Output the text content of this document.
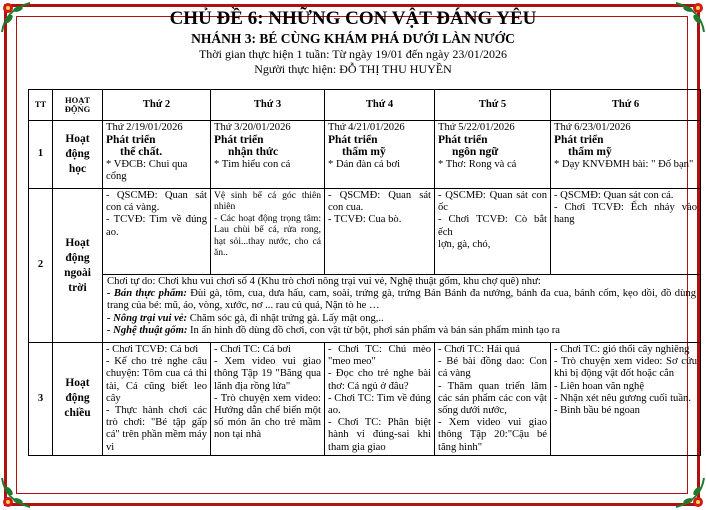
CHỦ ĐỀ 6: NHỮNG CON VẬT ĐÁNG YÊU
NHÁNH 3: BÉ CÙNG KHÁM PHÁ DƯỚI LÀN NƯỚC
Thời gian thực hiện 1 tuần: Từ ngày 19/01 đến ngày 23/01/2026
Người thực hiện: ĐỖ THỊ THU HUYỀN
TT	HOẠT ĐỘNG	Thứ 2	Thứ 3	Thứ 4	Thứ 5	Thứ 6
1	Hoạt động học	Thứ 2/19/01/2026
Phát triển
thể chất.
* VĐCB: Chui qua cổng	Thứ 3/20/01/2026
Phát triển
nhận thức
* Tìm hiểu con cá	Thứ 4/21/01/2026
Phát triển
thẩm mỹ
* Dán đàn cá bơi	Thứ 5/22/01/2026
Phát triển
ngôn ngữ
* Thơ: Rong và cá	Thứ 6/23/01/2026
Phát triển
thẩm mỹ
* Dạy KNVĐMH bài: " Đố bạn"

2	Hoạt động ngoài trời	- QSCMĐ: Quan sát con cá vàng.
- TCVĐ: Tìm về đúng ao.	Vệ sinh bể cá góc thiên nhiên
- Các hoạt động trọng tâm: Lau chùi bể cá, rửa rong, hạt sỏi...thay nước, cho cá ăn..	- QSCMĐ: Quan sát con cua.
- TCVĐ: Cua bò.	- QSCMĐ: Quan sát con ốc
- Chơi TCVĐ: Cò bắt ếch
lợn, gà, chó,	- QSCMĐ: Quan sát con cá.
- Chơi TCVĐ: Ếch nhảy vào hang

		Chơi tự do: Chơi khu vui chơi số 4 (Khu trò chơi nông trại vui vẻ, Nghệ thuật gốm, khu chợ quê) như:
- Bán thực phẩm: Đùi gà, tôm, cua, dưa hấu, cam, soài, trứng gà, trứng Bán Bánh đa nướng, bánh đa cua, bánh cốm, kẹo dồi, đồ dùng trang của bé: mũ, áo, vòng, xước, nơ ... rau củ quả, Nặn tò he …
- Nông trại vui vẻ: Chăm sóc gà, đi nhặt trứng gà. Lấy mật ong,..
- Nghệ thuật gốm: In ấn hình đồ dùng đồ chơi, con vật từ bột, phơi sản phẩm và bán sản phẩm mình tạo ra				

3	Hoạt động chiều	- Chơi TCVĐ: Cá bơi
- Kể cho trẻ nghe câu chuyện: Tôm cua cá thi tài, Cá cũng biết leo cây
- Thực hành chơi các trò chơi: "Bé tập gấp cá" trên phần mềm máy vi	- Chơi TC: Cá bơi
- Xem video vui giao thông Tập 19 "Băng qua lãnh địa rồng lửa"
- Trò chuyện xem video: Hướng dẫn chế biến một số món ăn cho trẻ mầm non tại nhà	- Chơi TC: Chú mèo "meo meo"
- Đọc cho trẻ nghe bài thơ: Cá ngủ ở đâu?
- Chơi TC: Tìm về đúng ao.
- Chơi TC: Phân biệt hành vi đúng-sai khi tham gia giao	- Chơi TC: Hái quả
- Bé bài đồng dao: Con cá vàng
- Thăm quan triển lãm các sản phẩm các con vật sống dưới nước,
- Xem video vui giao thông Tập 20:"Cậu bé tăng hình"	- Chơi TC: gió thổi cây nghiêng
- Trò chuyện xem video: Sơ cứu khi bị động vật đốt hoặc cắn
- Liên hoan văn nghệ
- Nhận xét nêu gương cuối tuần.
- Bình bầu bé ngoan
